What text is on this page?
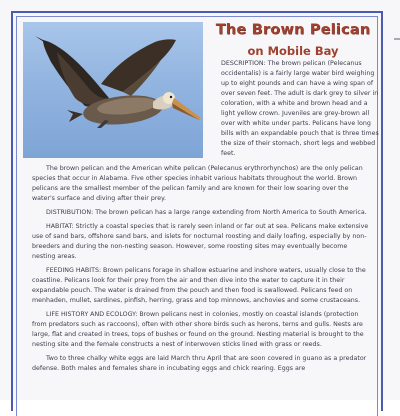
The Brown Pelican
on Mobile Bay
DESCRIPTION: The brown pelican (Pelecanus occidentalis) is a fairly large water bird weighing up to eight pounds and can have a wing span of over seven feet. The adult is dark grey to silver in coloration, with a white and brown head and a light yellow crown. Juveniles are grey-brown all over with white under parts. Pelicans have long bills with an expandable pouch that is three times the size of their stomach, short legs and webbed feet.

The brown pelican and the American white pelican (Pelecanus erythrorhynchos) are the only pelican species that occur in Alabama. Five other species inhabit various habitats throughout the world. Brown pelicans are the smallest member of the pelican family and are known for their low soaring over the water's surface and diving after their prey.

DISTRIBUTION: The brown pelican has a large range extending from North America to South America.

HABITAT: Strictly a coastal species that is rarely seen inland or far out at sea. Pelicans make extensive use of sand bars, offshore sand bars, and islets for nocturnal roosting and daily loafing, especially by non-breeders and during the non-nesting season. However, some roosting sites may eventually become nesting areas.

FEEDING HABITS: Brown pelicans forage in shallow estuarine and inshore waters, usually close to the coastline. Pelicans look for their prey from the air and then dive into the water to capture it in their expandable pouch. The water is drained from the pouch and then food is swallowed. Pelicans feed on menhaden, mullet, sardines, pinfish, herring, grass and top minnows, anchovies and some crustaceans.

LIFE HISTORY AND ECOLOGY: Brown pelicans nest in colonies, mostly on coastal islands (protection from predators such as raccoons), often with other shore birds such as herons, terns and gulls. Nests are large, flat and created in trees, tops of bushes or found on the ground. Nesting material is brought to the nesting site and the female constructs a nest of interwoven sticks lined with grass or reeds.

Two to three chalky white eggs are laid March thru April that are soon covered in guano as a predator defense. Both males and females share in incubating eggs and chick rearing. Eggs are
